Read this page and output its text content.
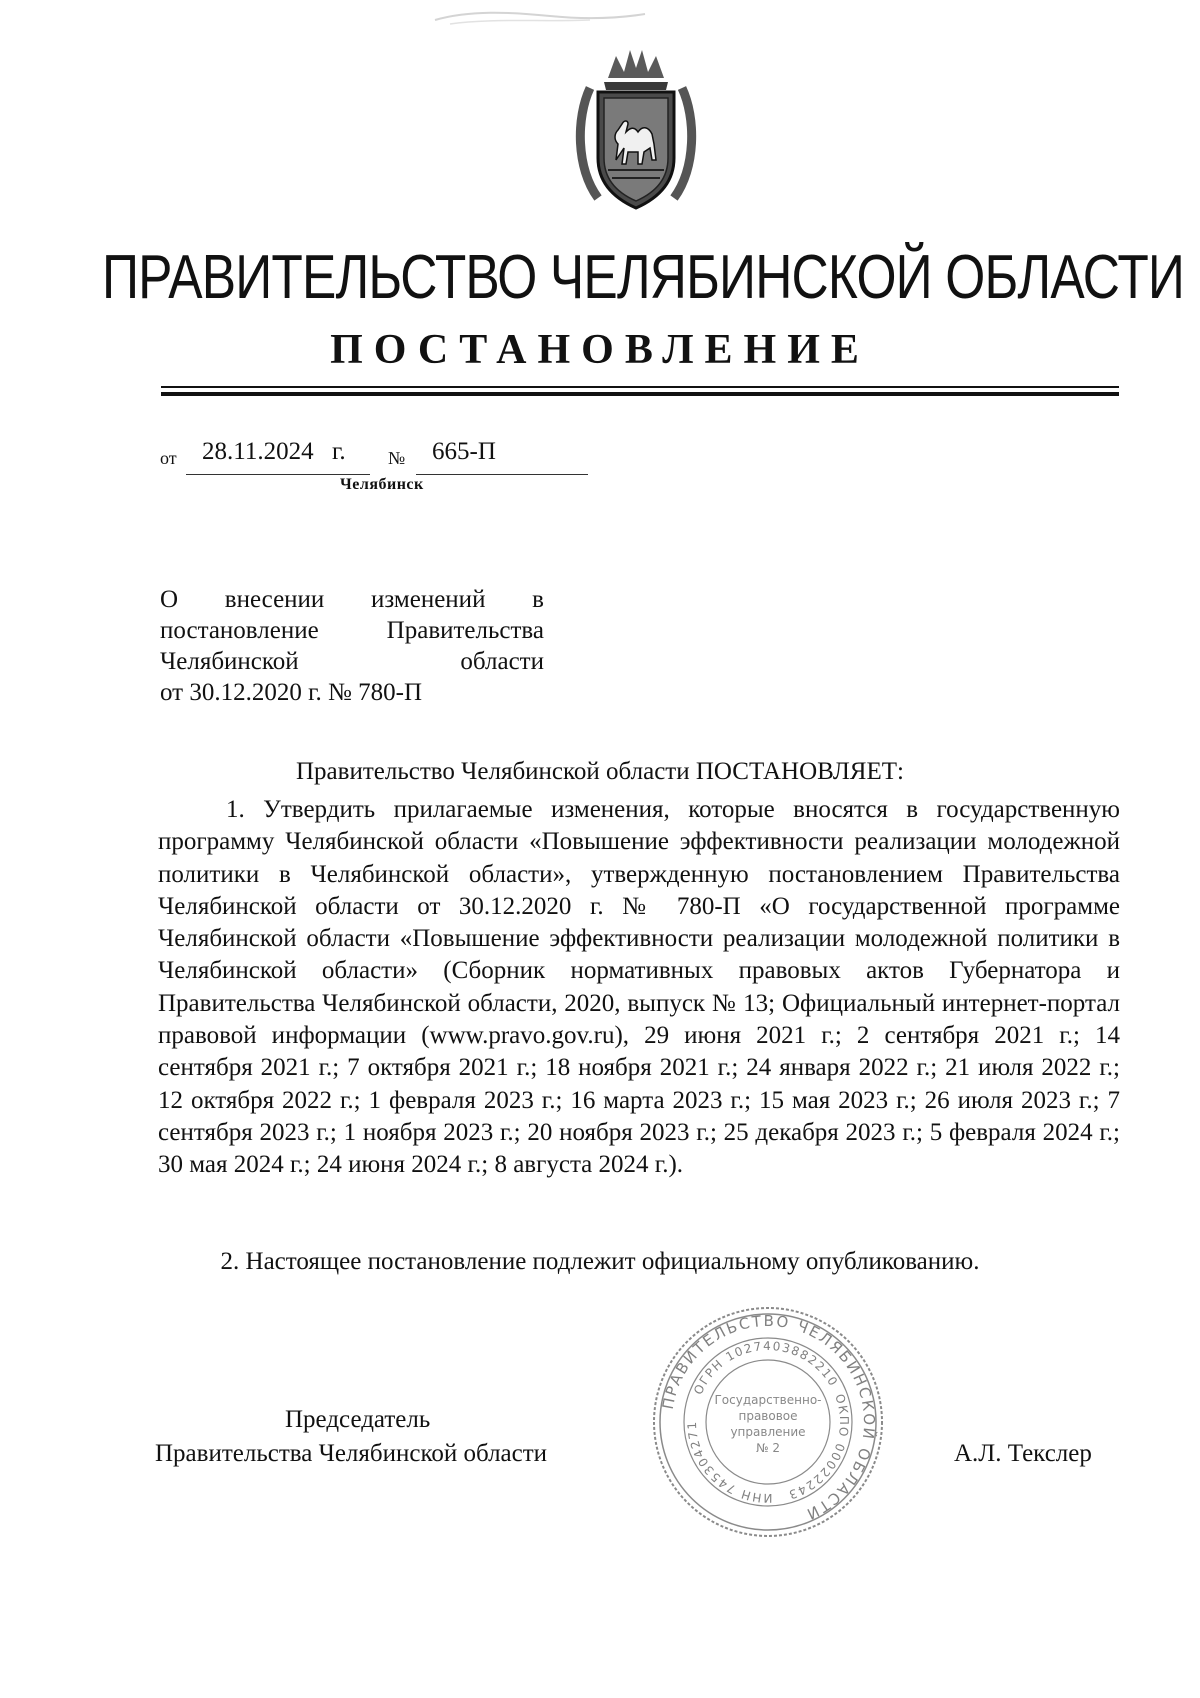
ПРАВИТЕЛЬСТВО ЧЕЛЯБИНСКОЙ ОБЛАСТИ
ПОСТАНОВЛЕНИЕ
от 28.11.2024 г. № 665-П
Челябинск
О внесении изменений в
постановление	Правительства
Челябинской	области
от 30.12.2020 г. № 780-П
Правительство Челябинской области ПОСТАНОВЛЯЕТ:

1. Утвердить прилагаемые изменения, которые вносятся в государственную программу Челябинской области «Повышение эффективности реализации молодежной политики в Челябинской области», утвержденную постановлением Правительства Челябинской области от 30.12.2020 г. № 780-П «О государственной программе Челябинской области «Повышение эффективности реализации молодежной политики в Челябинской области» (Сборник нормативных правовых актов Губернатора и Правительства Челябинской области, 2020, выпуск № 13; Официальный интернет-портал правовой информации (www.pravo.gov.ru), 29 июня 2021 г.; 2 сентября 2021 г.; 14 сентября 2021 г.; 7 октября 2021 г.; 18 ноября 2021 г.; 24 января 2022 г.; 21 июля 2022 г.; 12 октября 2022 г.; 1 февраля 2023 г.; 16 марта 2023 г.; 15 мая 2023 г.; 26 июля 2023 г.; 7 сентября 2023 г.; 1 ноября 2023 г.; 20 ноября 2023 г.; 25 декабря 2023 г.; 5 февраля 2024 г.; 30 мая 2024 г.; 24 июня 2024 г.; 8 августа 2024 г.).

2. Настоящее постановление подлежит официальному опубликованию.
ПРАВИТЕЛЬСТВО ЧЕЛЯБИНСКОЙ ОБЛАСТИ
ОГРН 1027403882210
ОКПО 00022243
ИНН 745304271
Государственно-
правовое
управление
№ 2
Председатель
Правительства Челябинской области	А.Л. Текслер
